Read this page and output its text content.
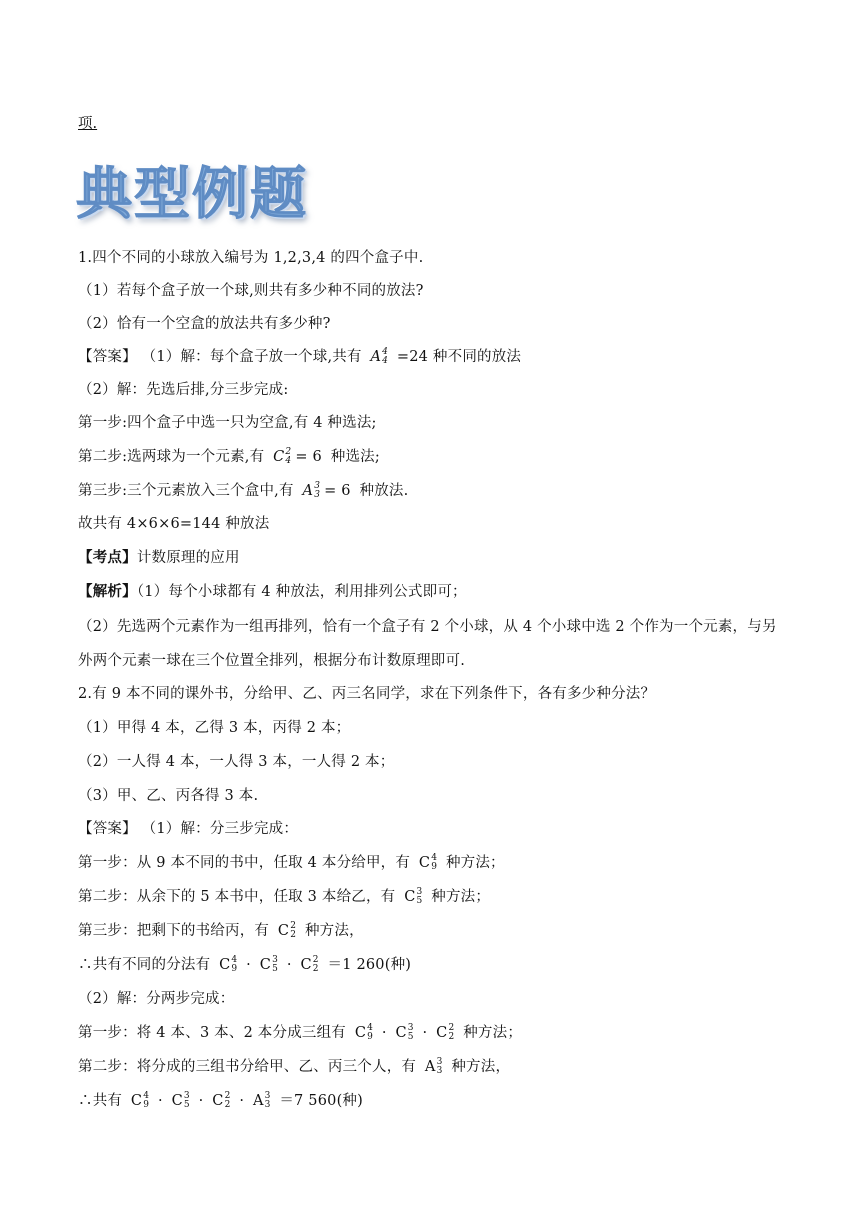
项.
典型例题
1.四个不同的小球放入编号为 1,2,3,4 的四个盒子中.
（1）若每个盒子放一个球,则共有多少种不同的放法?
（2）恰有一个空盒的放法共有多少种?
【答案】 （1）解：每个盒子放一个球,共有 A 4
4 =24 种不同的放法
（2）解：先选后排,分三步完成:
第一步:四个盒子中选一只为空盒,有 4 种选法;
第二步:选两球为一个元素,有 C 2
4 = 6 种选法;
第三步:三个元素放入三个盒中,有 A 3
3 = 6 种放法.
故共有 4×6×6=144 种放法
【考点】计数原理的应用
【解析】（1）每个小球都有 4 种放法，利用排列公式即可；
（2）先选两个元素作为一组再排列，恰有一个盒子有 2 个小球，从 4 个小球中选 2 个作为一个元素，与另
外两个元素一球在三个位置全排列，根据分布计数原理即可.
2.有 9 本不同的课外书，分给甲、乙、丙三名同学，求在下列条件下，各有多少种分法？
（1）甲得 4 本，乙得 3 本，丙得 2 本；
（2）一人得 4 本，一人得 3 本，一人得 2 本；
（3）甲、乙、丙各得 3 本.
【答案】 （1）解：分三步完成：
第一步：从 9 本不同的书中，任取 4 本分给甲，有 C 4
9 种方法；
第二步：从余下的 5 本书中，任取 3 本给乙，有 C 3
5 种方法；
第三步：把剩下的书给丙，有 C 2
2 种方法，
∴共有不同的分法有 C 4
9 · C 3
5 · C 2
2 ＝1 260(种)
（2）解：分两步完成：
第一步：将 4 本、3 本、2 本分成三组有 C 4
9 · C 3
5 · C 2
2 种方法；
第二步：将分成的三组书分给甲、乙、丙三个人，有 A 3
3 种方法，
∴共有 C 4
9 · C 3
5 · C 2
2 · A 3
3 ＝7 560(种)
